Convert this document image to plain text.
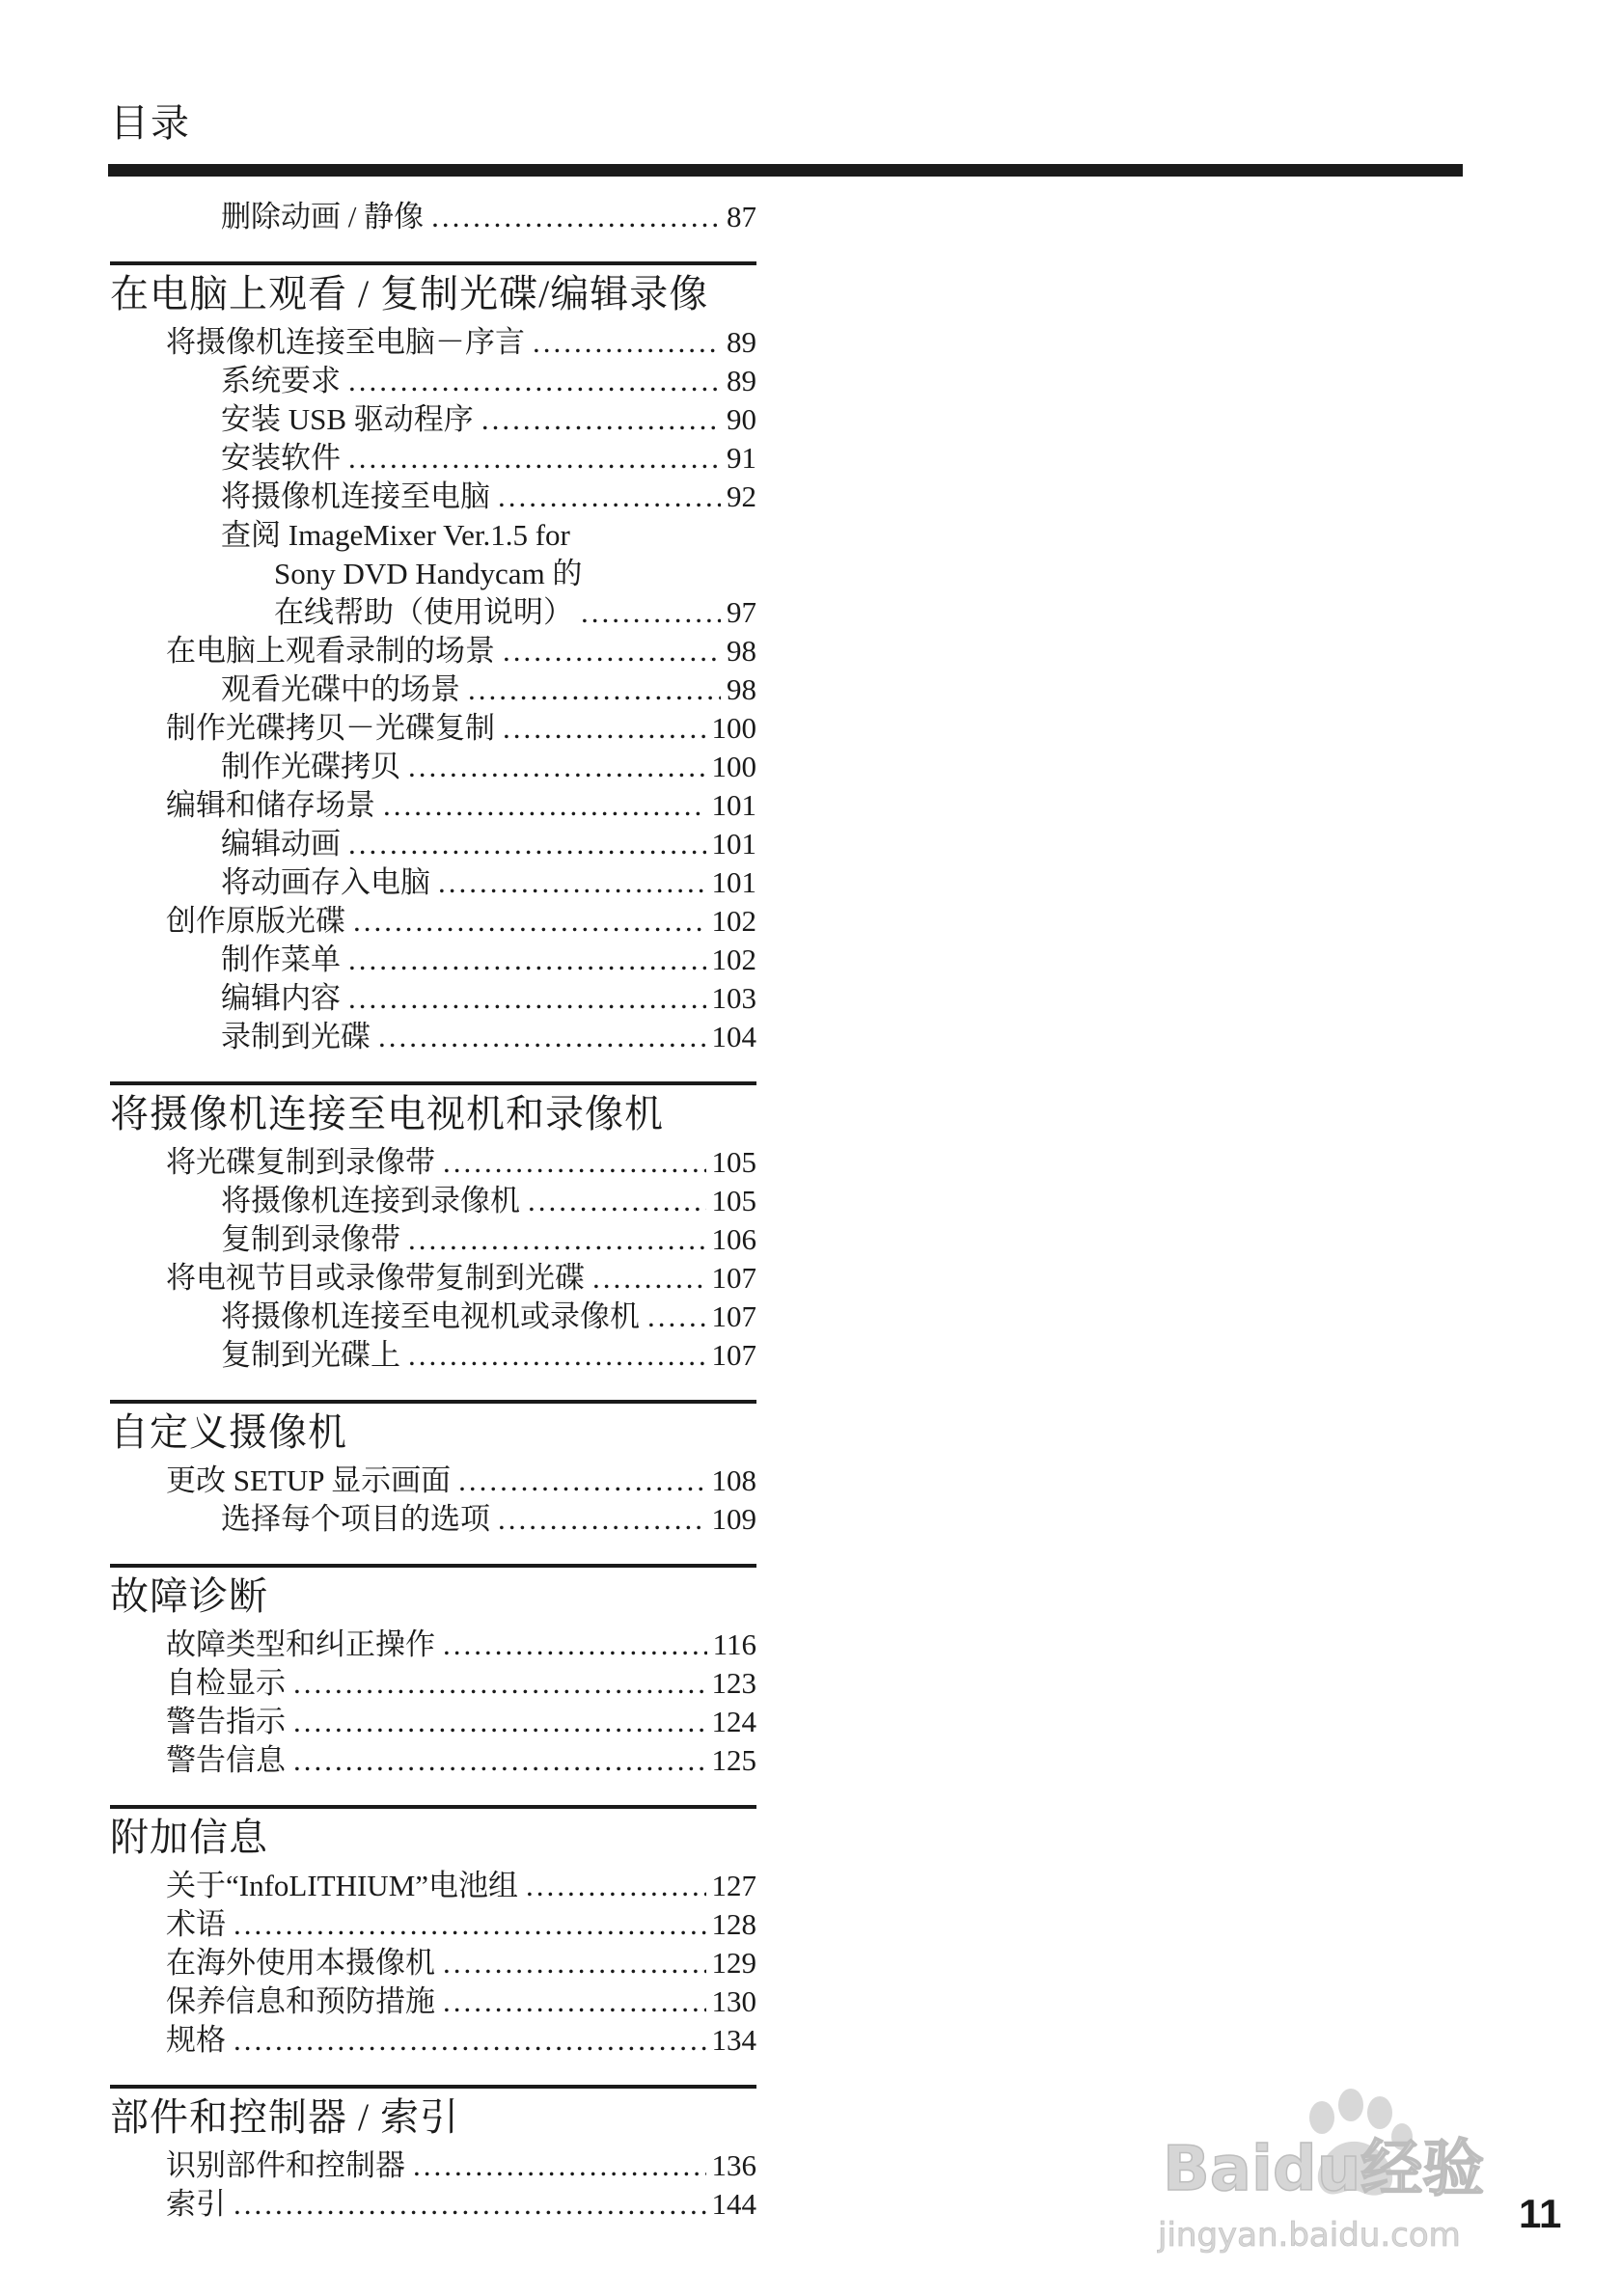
目录
删除动画 / 静像 .....	87
在电脑上观看 / 复制光碟/编辑录像
将摄像机连接至电脑－序言 .....	89
系统要求 .....	89
安装 USB 驱动程序 .....	90
安装软件 .....	91
将摄像机连接至电脑 .....	92
查阅 ImageMixer Ver.1.5 for
Sony DVD Handycam 的
在线帮助（使用说明） .....	97
在电脑上观看录制的场景 .....	98
观看光碟中的场景 .....	98
制作光碟拷贝－光碟复制 .....	100
制作光碟拷贝 .....	100
编辑和储存场景 .....	101
编辑动画 .....	101
将动画存入电脑 .....	101
创作原版光碟 .....	102
制作菜单 .....	102
编辑内容 .....	103
录制到光碟 .....	104
将摄像机连接至电视机和录像机
将光碟复制到录像带 .....	105
将摄像机连接到录像机 .....	105
复制到录像带 .....	106
将电视节目或录像带复制到光碟 .....	107
将摄像机连接至电视机或录像机 ..... 107
复制到光碟上 .....	107
自定义摄像机
更改 SETUP 显示画面 .....	108
选择每个项目的选项 .....	109
故障诊断
故障类型和纠正操作 .....	116
自检显示 .....	123
警告指示 .....	124
警告信息 .....	125
附加信息
关于“InfoLITHIUM”电池组 .....	127
术语 .....	128
在海外使用本摄像机 .....	129
保养信息和预防措施 .....	130
规格 .....	134
部件和控制器 / 索引
识别部件和控制器 .....	136
索引 .....	144	Baidu经验
jingyan.baidu.com 11
